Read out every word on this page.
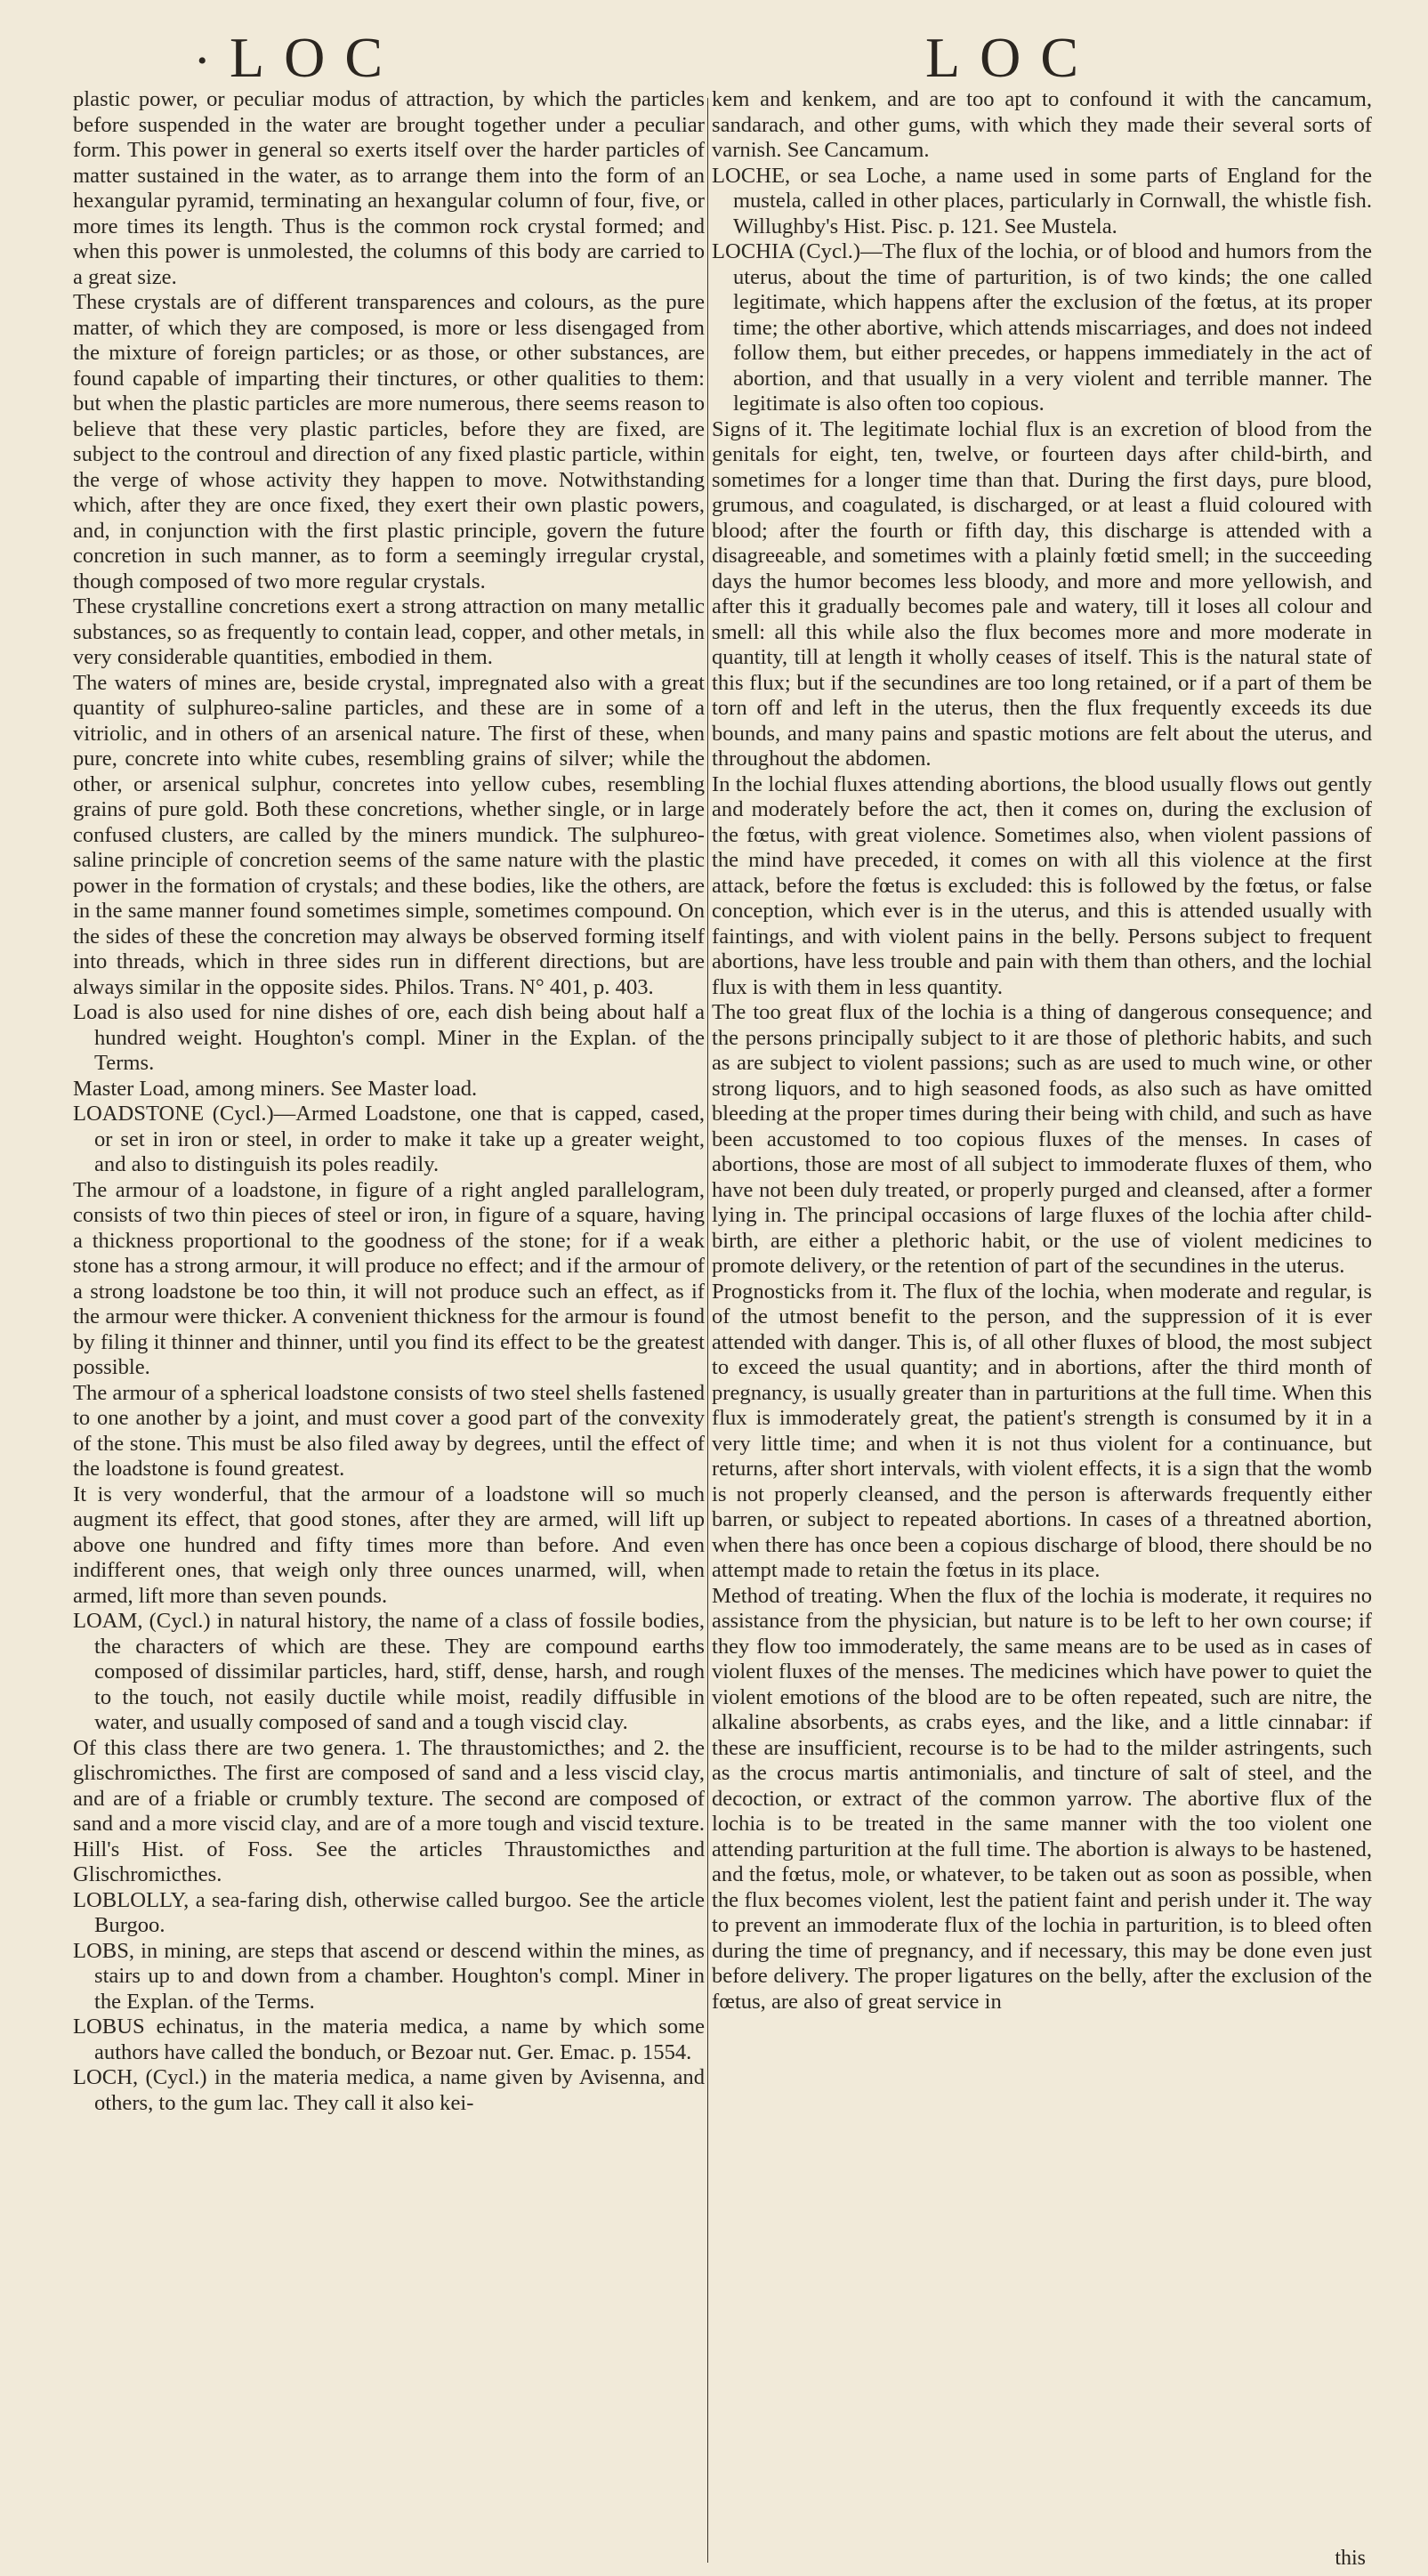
• LOC	LOC

plastic power, or peculiar modus of attraction, by which the particles before suspended in the water are brought together under a peculiar form. This power in general so exerts itself over the harder particles of matter sustained in the water, as to arrange them into the form of an hexangular pyramid, terminating an hexangular column of four, five, or more times its length. Thus is the common rock crystal formed; and when this power is unmolested, the columns of this body are carried to a great size.

These crystals are of different transparences and colours, as the pure matter, of which they are composed, is more or less disengaged from the mixture of foreign particles; or as those, or other substances, are found capable of imparting their tinctures, or other qualities to them: but when the plastic particles are more numerous, there seems reason to believe that these very plastic particles, before they are fixed, are subject to the controul and direction of any fixed plastic particle, within the verge of whose activity they happen to move. Notwithstanding which, after they are once fixed, they exert their own plastic powers, and, in conjunction with the first plastic principle, govern the future concretion in such manner, as to form a seemingly irregular crystal, though composed of two more regular crystals.

These crystalline concretions exert a strong attraction on many metallic substances, so as frequently to contain lead, copper, and other metals, in very considerable quantities, embodied in them.

The waters of mines are, beside crystal, impregnated also with a great quantity of sulphureo-saline particles, and these are in some of a vitriolic, and in others of an arsenical nature. The first of these, when pure, concrete into white cubes, resembling grains of silver; while the other, or arsenical sulphur, concretes into yellow cubes, resembling grains of pure gold. Both these concretions, whether single, or in large confused clusters, are called by the miners mundick. The sulphureo-saline principle of concretion seems of the same nature with the plastic power in the formation of crystals; and these bodies, like the others, are in the same manner found sometimes simple, sometimes compound. On the sides of these the concretion may always be observed forming itself into threads, which in three sides run in different directions, but are always similar in the opposite sides. Philos. Trans. N° 401, p. 403.

Load is also used for nine dishes of ore, each dish being about half a hundred weight. Houghton's compl. Miner in the Explan. of the Terms.

Master Load, among miners. See Master load.

LOADSTONE (Cycl.)—Armed Loadstone, one that is capped, cased, or set in iron or steel, in order to make it take up a greater weight, and also to distinguish its poles readily.

The armour of a loadstone, in figure of a right angled parallelogram, consists of two thin pieces of steel or iron, in figure of a square, having a thickness proportional to the goodness of the stone; for if a weak stone has a strong armour, it will produce no effect; and if the armour of a strong loadstone be too thin, it will not produce such an effect, as if the armour were thicker. A convenient thickness for the armour is found by filing it thinner and thinner, until you find its effect to be the greatest possible.

The armour of a spherical loadstone consists of two steel shells fastened to one another by a joint, and must cover a good part of the convexity of the stone. This must be also filed away by degrees, until the effect of the loadstone is found greatest.

It is very wonderful, that the armour of a loadstone will so much augment its effect, that good stones, after they are armed, will lift up above one hundred and fifty times more than before. And even indifferent ones, that weigh only three ounces unarmed, will, when armed, lift more than seven pounds.

LOAM, (Cycl.) in natural history, the name of a class of fossile bodies, the characters of which are these. They are compound earths composed of dissimilar particles, hard, stiff, dense, harsh, and rough to the touch, not easily ductile while moist, readily diffusible in water, and usually composed of sand and a tough viscid clay.

Of this class there are two genera. 1. The thraustomicthes; and 2. the glischromicthes. The first are composed of sand and a less viscid clay, and are of a friable or crumbly texture. The second are composed of sand and a more viscid clay, and are of a more tough and viscid texture. Hill's Hist. of Foss. See the articles Thraustomicthes and Glischromicthes.

LOBLOLLY, a sea-faring dish, otherwise called burgoo. See the article Burgoo.

LOBS, in mining, are steps that ascend or descend within the mines, as stairs up to and down from a chamber. Houghton's compl. Miner in the Explan. of the Terms.

LOBUS echinatus, in the materia medica, a name by which some authors have called the bonduch, or Bezoar nut. Ger. Emac. p. 1554.

LOCH, (Cycl.) in the materia medica, a name given by Avisenna, and others, to the gum lac. They call it also kei-

kem and kenkem, and are too apt to confound it with the cancamum, sandarach, and other gums, with which they made their several sorts of varnish. See Cancamum.

LOCHE, or sea Loche, a name used in some parts of England for the mustela, called in other places, particularly in Cornwall, the whistle fish. Willughby's Hist. Pisc. p. 121. See Mustela.

LOCHIA (Cycl.)—The flux of the lochia, or of blood and humors from the uterus, about the time of parturition, is of two kinds; the one called legitimate, which happens after the exclusion of the fœtus, at its proper time; the other abortive, which attends miscarriages, and does not indeed follow them, but either precedes, or happens immediately in the act of abortion, and that usually in a very violent and terrible manner. The legitimate is also often too copious.

Signs of it. The legitimate lochial flux is an excretion of blood from the genitals for eight, ten, twelve, or fourteen days after child-birth, and sometimes for a longer time than that. During the first days, pure blood, grumous, and coagulated, is discharged, or at least a fluid coloured with blood; after the fourth or fifth day, this discharge is attended with a disagreeable, and sometimes with a plainly fœtid smell; in the succeeding days the humor becomes less bloody, and more and more yellowish, and after this it gradually becomes pale and watery, till it loses all colour and smell: all this while also the flux becomes more and more moderate in quantity, till at length it wholly ceases of itself. This is the natural state of this flux; but if the secundines are too long retained, or if a part of them be torn off and left in the uterus, then the flux frequently exceeds its due bounds, and many pains and spastic motions are felt about the uterus, and throughout the abdomen.

In the lochial fluxes attending abortions, the blood usually flows out gently and moderately before the act, then it comes on, during the exclusion of the fœtus, with great violence. Sometimes also, when violent passions of the mind have preceded, it comes on with all this violence at the first attack, before the fœtus is excluded: this is followed by the fœtus, or false conception, which ever is in the uterus, and this is attended usually with faintings, and with violent pains in the belly. Persons subject to frequent abortions, have less trouble and pain with them than others, and the lochial flux is with them in less quantity.

The too great flux of the lochia is a thing of dangerous consequence; and the persons principally subject to it are those of plethoric habits, and such as are subject to violent passions; such as are used to much wine, or other strong liquors, and to high seasoned foods, as also such as have omitted bleeding at the proper times during their being with child, and such as have been accustomed to too copious fluxes of the menses. In cases of abortions, those are most of all subject to immoderate fluxes of them, who have not been duly treated, or properly purged and cleansed, after a former lying in. The principal occasions of large fluxes of the lochia after child-birth, are either a plethoric habit, or the use of violent medicines to promote delivery, or the retention of part of the secundines in the uterus.

Prognosticks from it. The flux of the lochia, when moderate and regular, is of the utmost benefit to the person, and the suppression of it is ever attended with danger. This is, of all other fluxes of blood, the most subject to exceed the usual quantity; and in abortions, after the third month of pregnancy, is usually greater than in parturitions at the full time. When this flux is immoderately great, the patient's strength is consumed by it in a very little time; and when it is not thus violent for a continuance, but returns, after short intervals, with violent effects, it is a sign that the womb is not properly cleansed, and the person is afterwards frequently either barren, or subject to repeated abortions. In cases of a threatned abortion, when there has once been a copious discharge of blood, there should be no attempt made to retain the fœtus in its place.

Method of treating. When the flux of the lochia is moderate, it requires no assistance from the physician, but nature is to be left to her own course; if they flow too immoderately, the same means are to be used as in cases of violent fluxes of the menses. The medicines which have power to quiet the violent emotions of the blood are to be often repeated, such are nitre, the alkaline absorbents, as crabs eyes, and the like, and a little cinnabar: if these are insufficient, recourse is to be had to the milder astringents, such as the crocus martis antimonialis, and tincture of salt of steel, and the decoction, or extract of the common yarrow. The abortive flux of the lochia is to be treated in the same manner with the too violent one attending parturition at the full time. The abortion is always to be hastened, and the fœtus, mole, or whatever, to be taken out as soon as possible, when the flux becomes violent, lest the patient faint and perish under it. The way to prevent an immoderate flux of the lochia in parturition, is to bleed often during the time of pregnancy, and if necessary, this may be done even just before delivery. The proper ligatures on the belly, after the exclusion of the fœtus, are also of great service in

this
